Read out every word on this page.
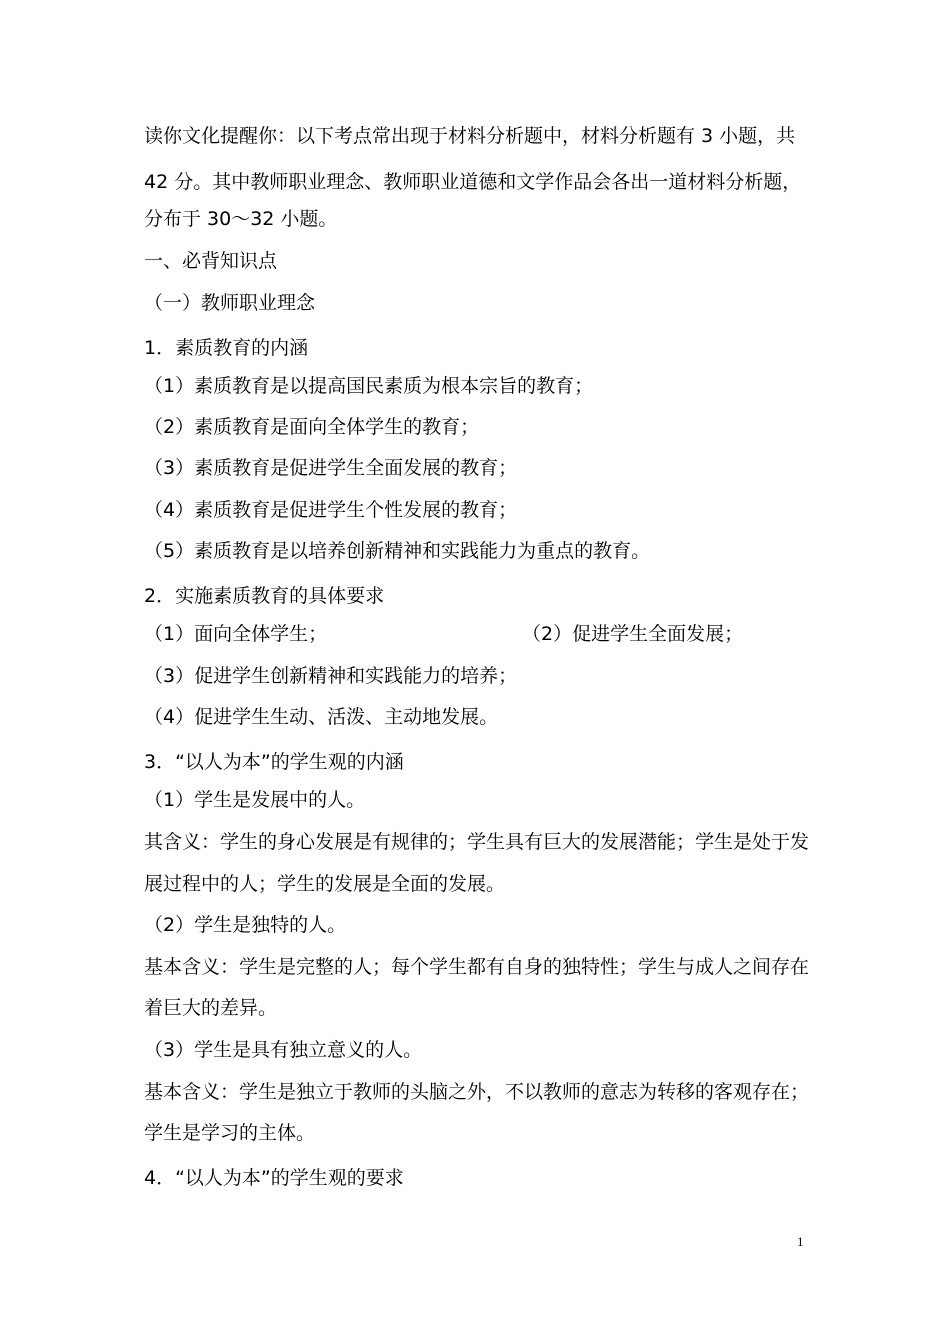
读你文化提醒你：以下考点常出现于材料分析题中，材料分析题有 3 小题，共
42 分。其中教师职业理念、教师职业道德和文学作品会各出一道材料分析题，
分布于 30～32 小题。
一、必背知识点
（一）教师职业理念
1．素质教育的内涵
（1）素质教育是以提高国民素质为根本宗旨的教育；
（2）素质教育是面向全体学生的教育；
（3）素质教育是促进学生全面发展的教育；
（4）素质教育是促进学生个性发展的教育；
（5）素质教育是以培养创新精神和实践能力为重点的教育。
2．实施素质教育的具体要求
（1）面向全体学生；	（2）促进学生全面发展；
（3）促进学生创新精神和实践能力的培养；
（4）促进学生生动、活泼、主动地发展。
3．“以人为本”的学生观的内涵
（1）学生是发展中的人。
其含义：学生的身心发展是有规律的；学生具有巨大的发展潜能；学生是处于发
展过程中的人；学生的发展是全面的发展。
（2）学生是独特的人。
基本含义：学生是完整的人；每个学生都有自身的独特性；学生与成人之间存在
着巨大的差异。
（3）学生是具有独立意义的人。
基本含义：学生是独立于教师的头脑之外，不以教师的意志为转移的客观存在；
学生是学习的主体。
4．“以人为本”的学生观的要求
1
